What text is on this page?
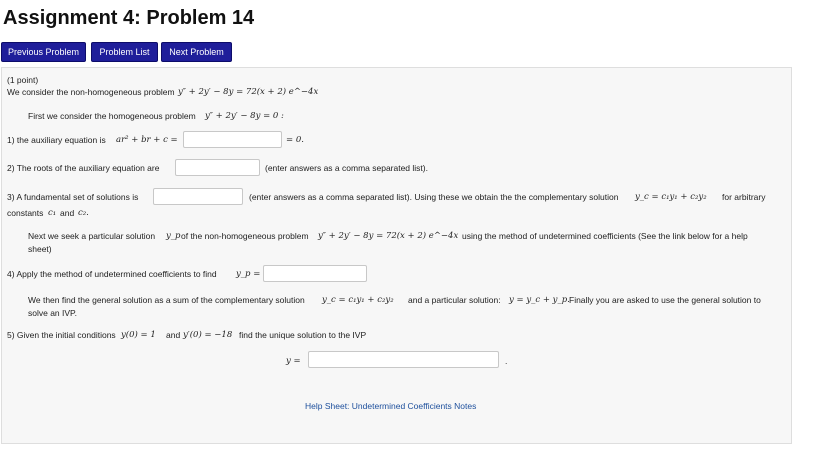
Assignment 4: Problem 14
Previous Problem	Problem List	Next Problem
(1 point)
We consider the non-homogeneous problem y″ + 2y′ − 8y = 72(x + 2) e^−4x
First we consider the homogeneous problem y″ + 2y′ − 8y = 0 :
1) the auxiliary equation is ar² + br + c =	= 0.
2) The roots of the auxiliary equation are	(enter answers as a comma separated list).
3) A fundamental set of solutions is	(enter answers as a comma separated list). Using these we obtain the the complementary solution y_c = c₁y₁ + c₂y₂ for arbitrary
constants c₁ and c₂.
Next we seek a particular solution y_p of the non-homogeneous problem y″ + 2y′ − 8y = 72(x + 2) e^−4x using the method of undetermined coefficients (See the link below for a help
sheet)
4) Apply the method of undetermined coefficients to find y_p =
We then find the general solution as a sum of the complementary solution y_c = c₁y₁ + c₂y₂ and a particular solution: y = y_c + y_p. Finally you are asked to use the general solution to
solve an IVP.
5) Given the initial conditions y(0) = 1 and y′(0) = −18 find the unique solution to the IVP
y =	.
Help Sheet: Undetermined Coefficients Notes
